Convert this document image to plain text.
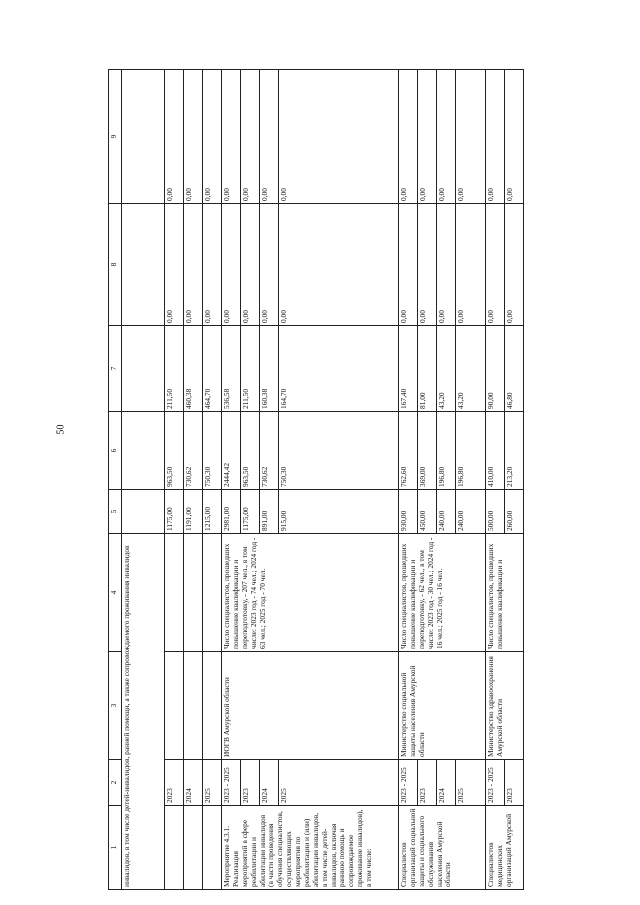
50
1	2	3	4	5	6	7	8	9
инвалидов, в том числе детей-инвалидов, ранней помощи, а также сопровождаемого проживания инвалидов								
	2023			1175,00	963,50	211,50	0,00	0,00
	2024			1191,00	730,62	460,38	0,00	0,00
	2025			1215,00	750,30	464,70	0,00	0,00
Мероприятие 4.3.1. Реализация мероприятий в сфере реабилитации и абилитации инвалидов (в части проведения обучения специалистов, осуществляющих мероприятия по реабилитации и (или) абилитации инвалидов, в том числе детей-инвалидов, включая раннюю помощь и сопровождаемое проживание инвалидов), в том числе:	2023 - 2025	ИОГВ Амурской области	Число специалистов, прошедших повышение квалификации и переподготовку, - 207 чел., в том числе: 2023 год - 74 чел.; 2024 год - 63 чел.; 2025 год - 70 чел.	2981,00	2444,42	536,58	0,00	0,00
	2023			1175,00	963,50	211,50	0,00	0,00
	2024			891,00	730,62	160,38	0,00	0,00
	2025			915,00	750,30	164,70	0,00	0,00
Специалистов организаций социальной защиты и социального обслуживания населения Амурской области	2023 - 2025	Министерство социальной защиты населения Амурской области	Число специалистов, прошедших повышение квалификации и переподготовку, - 62 чел., в том числе: 2023 год - 30 чел.; 2024 год - 16 чел.; 2025 год - 16 чел.	930,00	762,60	167,40	0,00	0,00
	2023			450,00	369,00	81,00	0,00	0,00
	2024			240,00	196,80	43,20	0,00	0,00
	2025			240,00	196,80	43,20	0,00	0,00
Специалистов медицинских организаций Амурской	2023 - 2025	Министерство здравоохранения Амурской области	Число специалистов, прошедших повышение квалификации и	500,00	410,00	90,00	0,00	0,00
	2023			260,00	213,20	46,80	0,00	0,00
